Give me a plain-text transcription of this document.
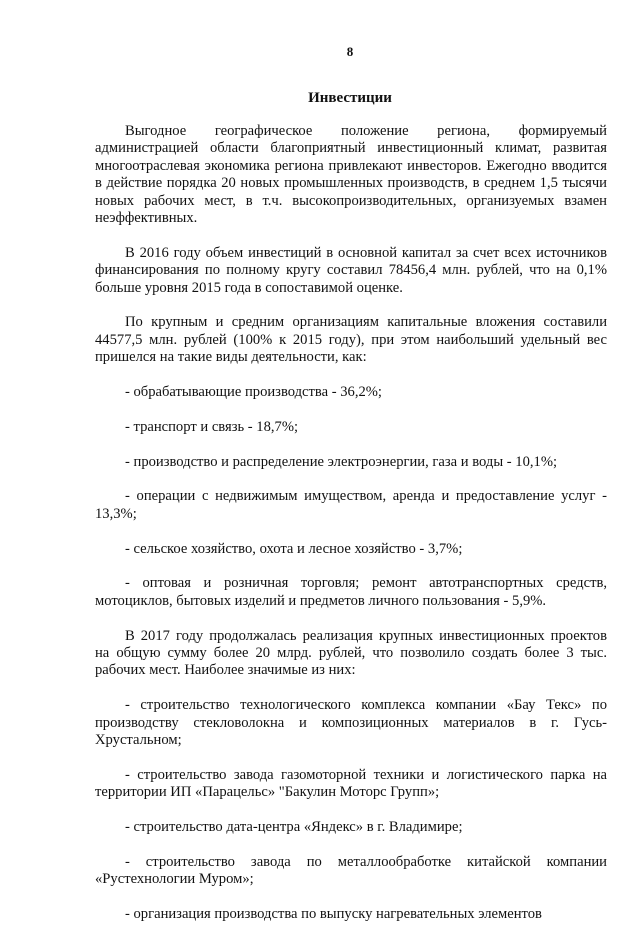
8
Инвестиции

Выгодное географическое положение региона, формируемый администрацией области благоприятный инвестиционный климат, развитая многоотраслевая экономика региона привлекают инвесторов. Ежегодно вводится в действие порядка 20 новых промышленных производств, в среднем 1,5 тысячи новых рабочих мест, в т.ч. высокопроизводительных, организуемых взамен неэффективных.

В 2016 году объем инвестиций в основной капитал за счет всех источников финансирования по полному кругу составил 78456,4 млн. рублей, что на 0,1% больше уровня 2015 года в сопоставимой оценке.

По крупным и средним организациям капитальные вложения составили 44577,5 млн. рублей (100% к 2015 году), при этом наибольший удельный вес пришелся на такие виды деятельности, как:

- обрабатывающие производства - 36,2%;

- транспорт и связь - 18,7%;

- производство и распределение электроэнергии, газа и воды - 10,1%;

- операции с недвижимым имуществом, аренда и предоставление услуг - 13,3%;

- сельское хозяйство, охота и лесное хозяйство - 3,7%;

- оптовая и розничная торговля; ремонт автотранспортных средств, мотоциклов, бытовых изделий и предметов личного пользования - 5,9%.

В 2017 году продолжалась реализация крупных инвестиционных проектов на общую сумму более 20 млрд. рублей, что позволило создать более 3 тыс. рабочих мест. Наиболее значимые из них:

- строительство технологического комплекса компании «Бау Текс» по производству стекловолокна и композиционных материалов в г. Гусь-Хрустальном;

- строительство завода газомоторной техники и логистического парка на территории ИП «Парацельс» "Бакулин Моторс Групп»;

- строительство дата-центра «Яндекс» в г. Владимире;

- строительство завода по металлообработке китайской компании «Рустехнологии Муром»;

- организация производства по выпуску нагревательных элементов
